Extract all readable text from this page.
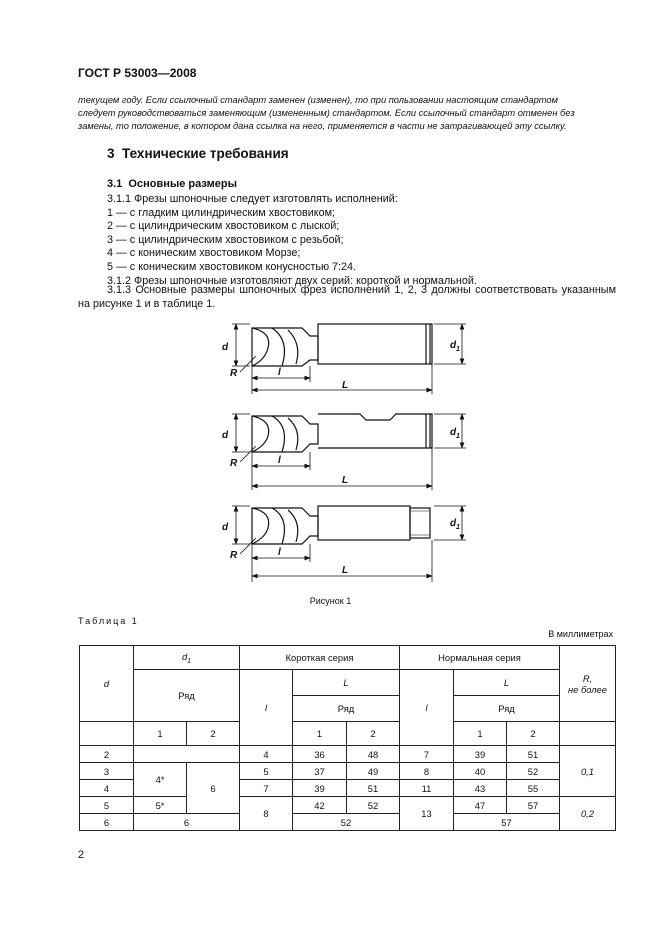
ГОСТ Р 53003—2008
текущем году. Если ссылочный стандарт заменен (изменен), то при пользовании настоящим стандартом
следует руководствоваться заменяющим (измененным) стандартом. Если ссылочный стандарт отменен без
замены, то положение, в котором дана ссылка на него, применяется в части не затрагивающей эту ссылку.
3 Технические требования
3.1 Основные размеры
3.1.1 Фрезы шпоночные следует изготовлять исполнений:
1 — с гладким цилиндрическим хвостовиком;
2 — с цилиндрическим хвостовиком с лыской;
3 — с цилиндрическим хвостовиком с резьбой;
4 — с коническим хвостовиком Морзе;
5 — с коническим хвостовиком конусностью 7:24.
3.1.2 Фрезы шпоночные изготовляют двух серий: короткой и нормальной.
3.1.3 Основные размеры шпоночных фрез исполнений 1, 2, 3 должны соответствовать указанным на рисунке 1 и в таблице 1.
d	d 1
R	l
L
d	d 1
R	l
L
d	d 1
R	l
L
Рисунок 1
Таблица 1
В миллиметрах
d	$d_1$		Короткая серия			Нормальная серия			R,
не более

	Ряд		l	L		l	L		
				Ряд			Ряд		
	1	2		1	2		1	2	
2			4	36	48	7	39	51	0,1
3	4*	6	5	37	49	8	40	52	
4			7	39	51	11	43	55	
5	5*		8	42	52	13	47	57	0,2
6	6			52			57		
2
